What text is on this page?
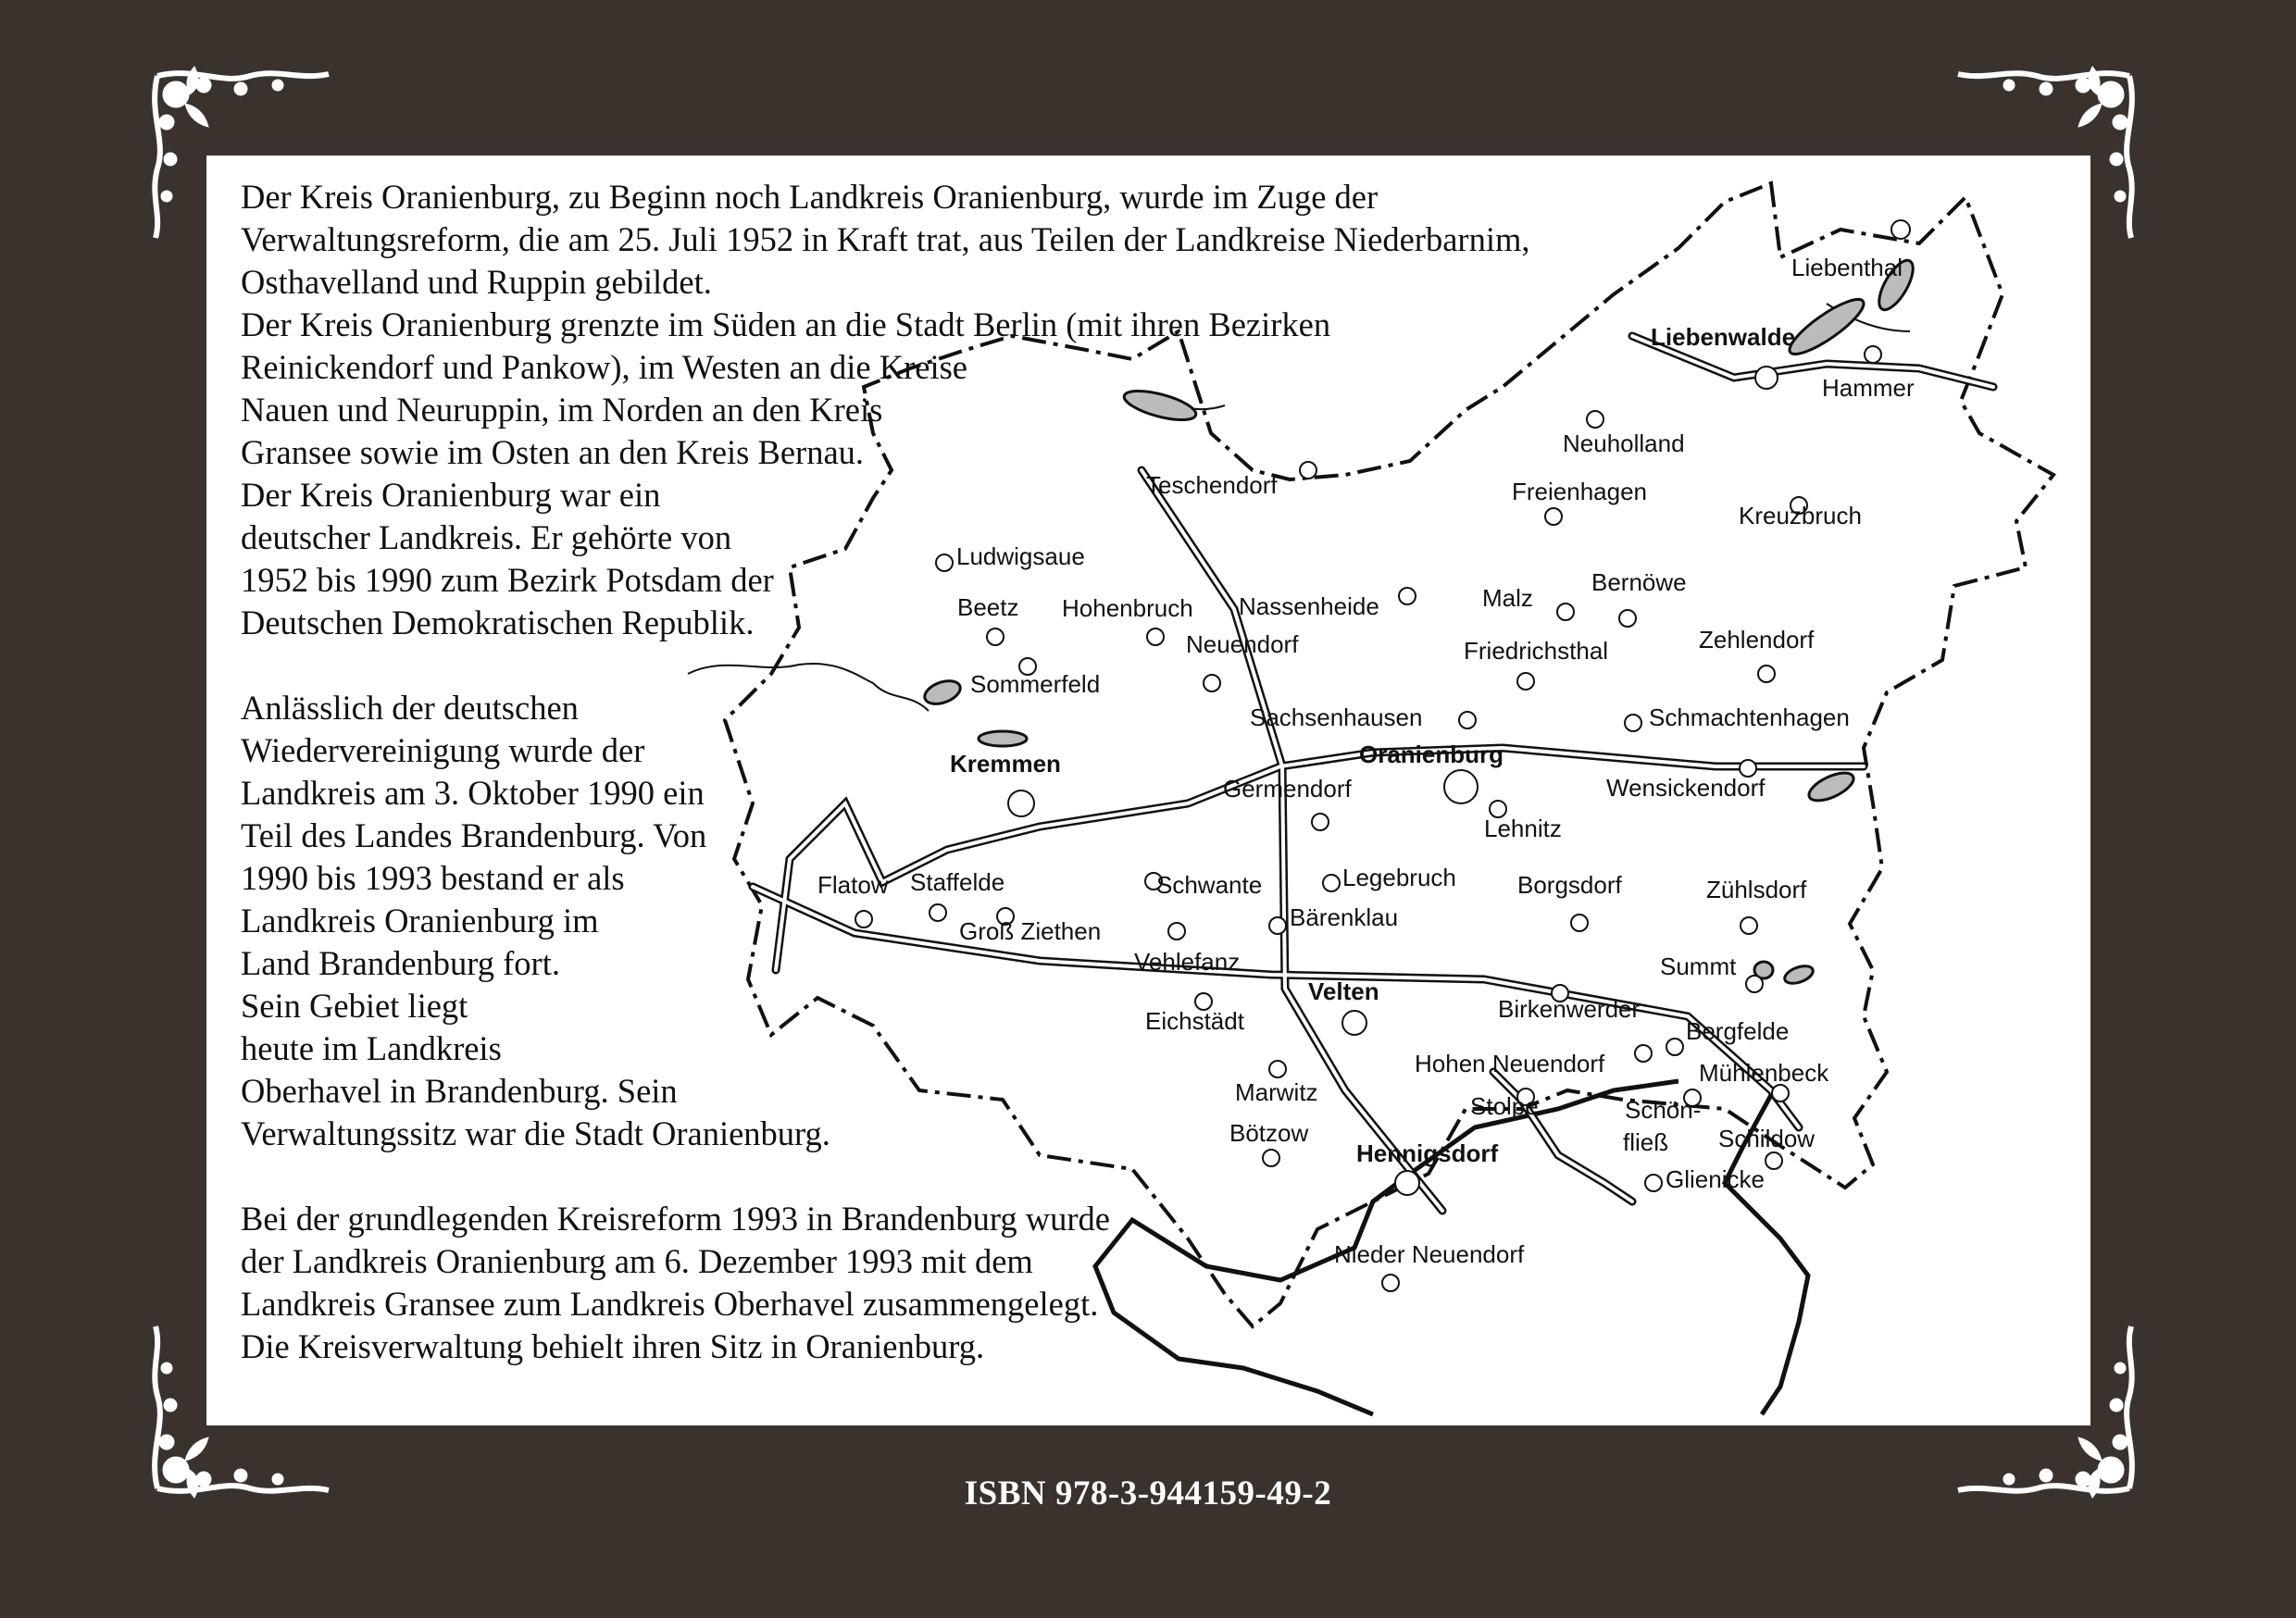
Liebenthal
Liebenwalde
Hammer
Neuholland
Teschendorf	Freienhagen
Kreuzbruch
Ludwigsaue
Bernöwe
Beetz Hohenbruch Nassenheide	Malz
Neuendorf	Friedrichsthal	Zehlendorf
Sommerfeld
Sachsenhausen	Schmachtenhagen
Oranienburg
Kremmen
Wensickendorf
Germendorf
Lehnitz
Flatow Staffelde	Schwante	Legebruch	Borgsdorf	Zühlsdorf
Groß Ziethen	Bärenklau
Vehlefanz	Summt
Velten
Eichstädt	Birkenwerder
Bergfelde
Hohen Neuendorf	Mühlenbeck
Marwitz	Stolpe	Schön-
fließ Schildow
Bötzow
Hennigsdorf
Glienicke
Nieder Neuendorf
Der Kreis Oranienburg, zu Beginn noch Landkreis Oranienburg, wurde im Zuge der
Verwaltungsreform, die am 25. Juli 1952 in Kraft trat, aus Teilen der Landkreise Niederbarnim,
Osthavelland und Ruppin gebildet.
Der Kreis Oranienburg grenzte im Süden an die Stadt Berlin (mit ihren Bezirken
Reinickendorf und Pankow), im Westen an die Kreise
Nauen und Neuruppin, im Norden an den Kreis
Gransee sowie im Osten an den Kreis Bernau.
Der Kreis Oranienburg war ein
deutscher Landkreis. Er gehörte von
1952 bis 1990 zum Bezirk Potsdam der
Deutschen Demokratischen Republik.
Anlässlich der deutschen
Wiedervereinigung wurde der
Landkreis am 3. Oktober 1990 ein
Teil des Landes Brandenburg. Von
1990 bis 1993 bestand er als
Landkreis Oranienburg im
Land Brandenburg fort.
Sein Gebiet liegt
heute im Landkreis
Oberhavel in Brandenburg. Sein
Verwaltungssitz war die Stadt Oranienburg.
Bei der grundlegenden Kreisreform 1993 in Brandenburg wurde
der Landkreis Oranienburg am 6. Dezember 1993 mit dem
Landkreis Gransee zum Landkreis Oberhavel zusammengelegt.
Die Kreisverwaltung behielt ihren Sitz in Oranienburg.
ISBN 978-3-944159-49-2
